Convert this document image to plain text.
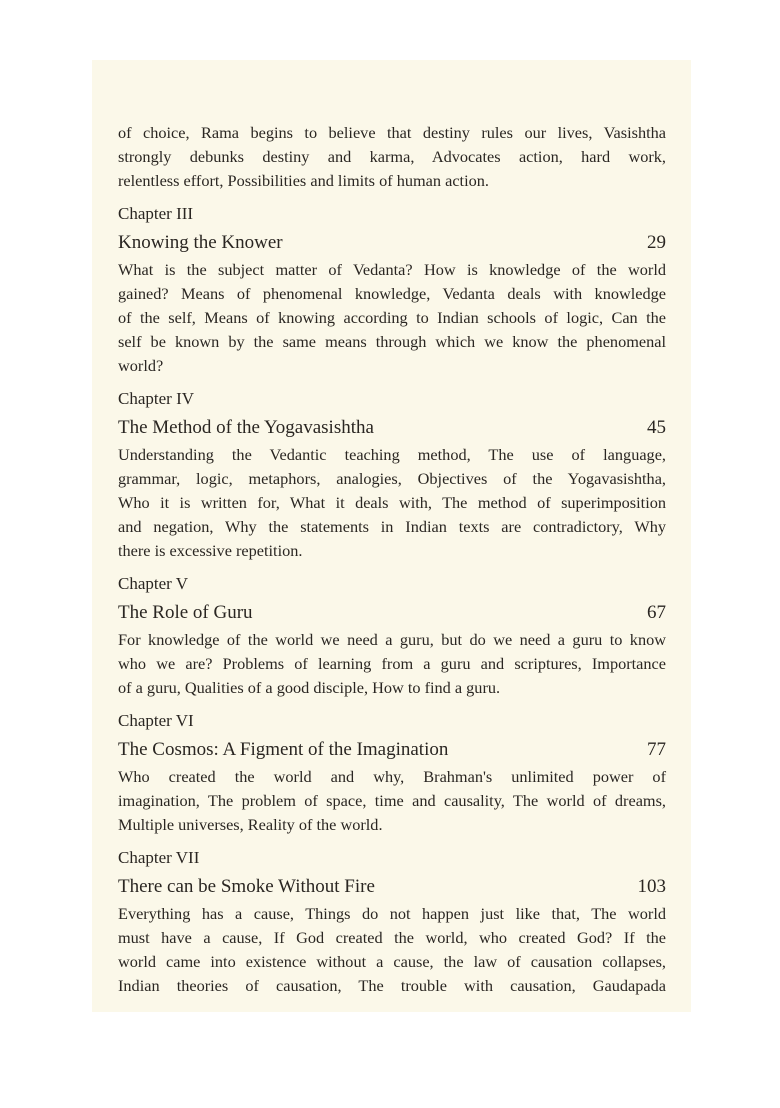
of choice, Rama begins to believe that destiny rules our lives, Vasishtha
strongly debunks destiny and karma, Advocates action, hard work,
relentless effort, Possibilities and limits of human action.
Chapter III
Knowing the Knower	29
What is the subject matter of Vedanta? How is knowledge of the world
gained? Means of phenomenal knowledge, Vedanta deals with knowledge
of the self, Means of knowing according to Indian schools of logic, Can the
self be known by the same means through which we know the phenomenal
world?
Chapter IV
The Method of the Yogavasishtha	45
Understanding the Vedantic teaching method, The use of language,
grammar, logic, metaphors, analogies, Objectives of the Yogavasishtha,
Who it is written for, What it deals with, The method of superimposition
and negation, Why the statements in Indian texts are contradictory, Why
there is excessive repetition.
Chapter V
The Role of Guru	67
For knowledge of the world we need a guru, but do we need a guru to know
who we are? Problems of learning from a guru and scriptures, Importance
of a guru, Qualities of a good disciple, How to find a guru.
Chapter VI
The Cosmos: A Figment of the Imagination	77
Who created the world and why, Brahman's unlimited power of
imagination, The problem of space, time and causality, The world of dreams,
Multiple universes, Reality of the world.
Chapter VII
There can be Smoke Without Fire	103
Everything has a cause, Things do not happen just like that, The world
must have a cause, If God created the world, who created God? If the
world came into existence without a cause, the law of causation collapses,
Indian theories of causation, The trouble with causation, Gaudapada
